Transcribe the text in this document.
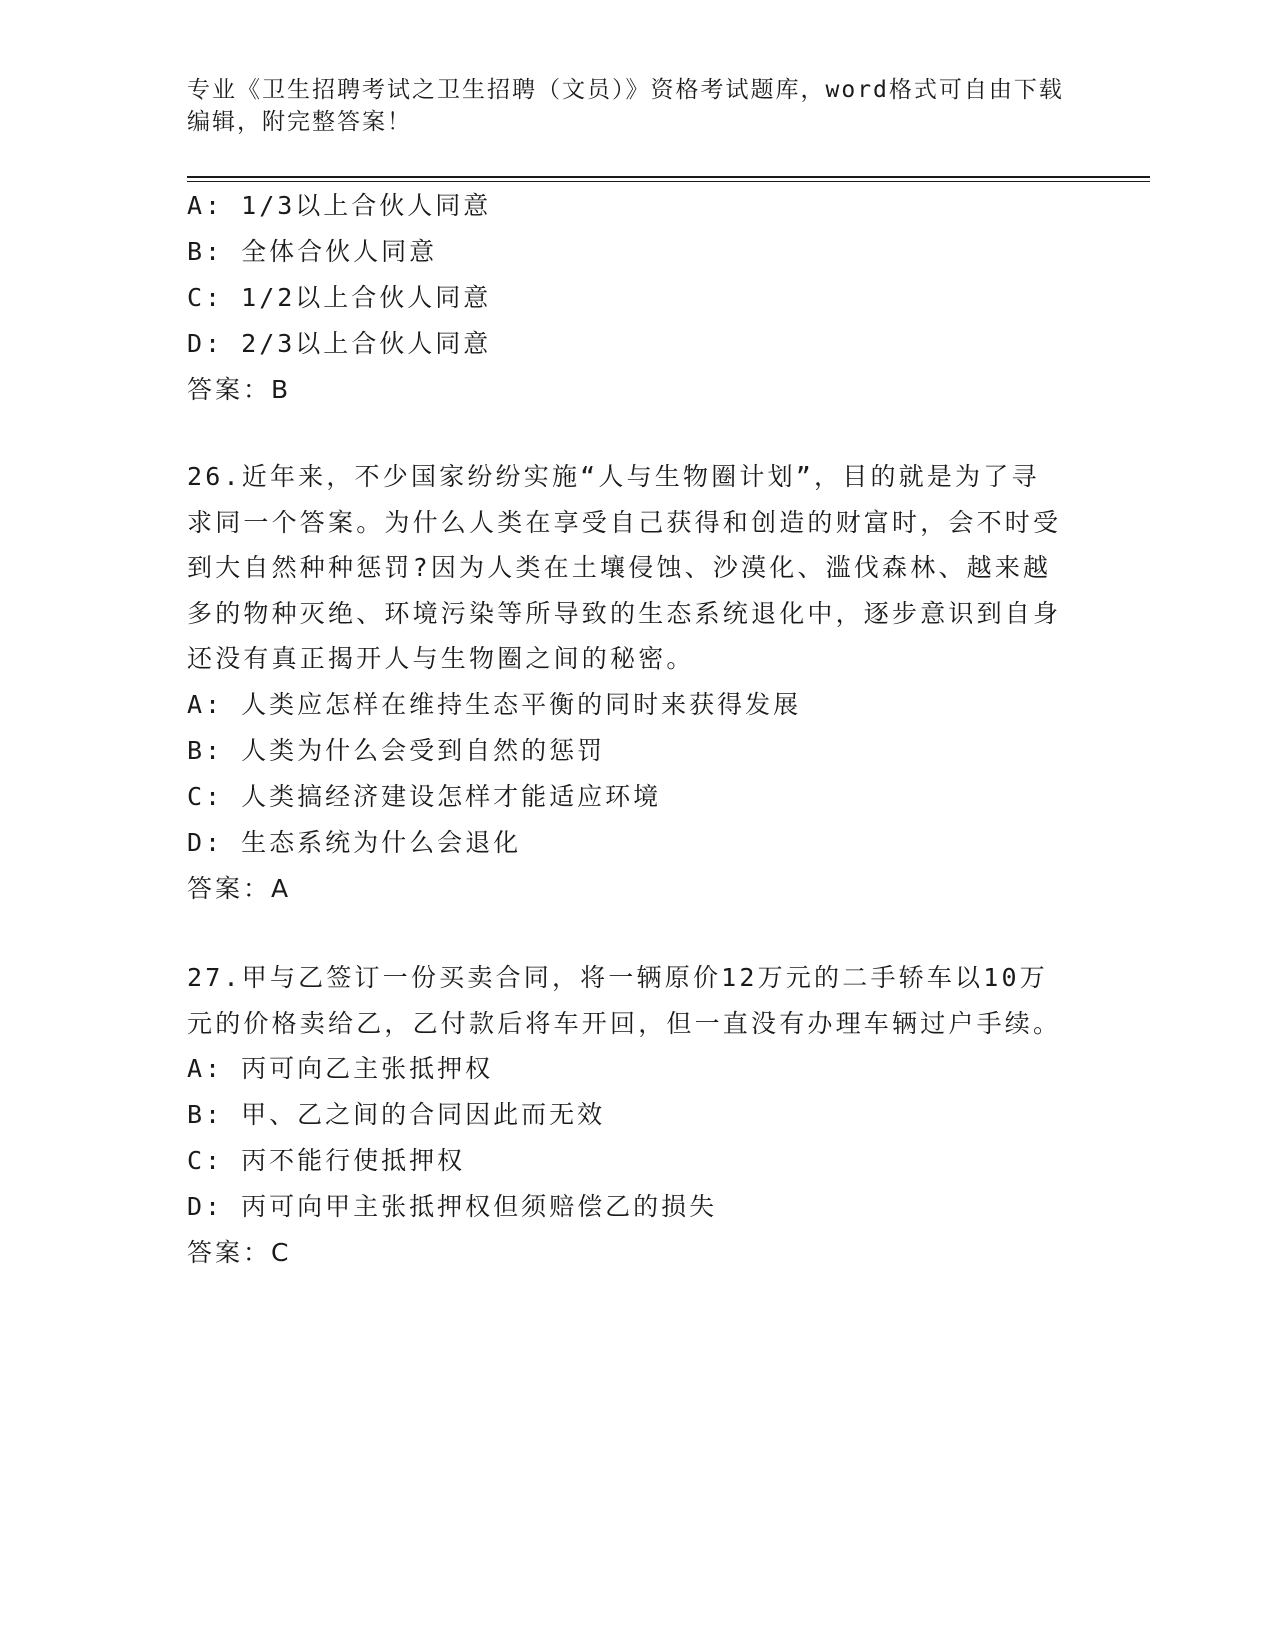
专业《卫生招聘考试之卫生招聘（文员）》资格考试题库，word格式可自由下载编辑，附完整答案！
A: 1/3以上合伙人同意
B: 全体合伙人同意
C: 1/2以上合伙人同意
D: 2/3以上合伙人同意
答案：B
26.近年来，不少国家纷纷实施“人与生物圈计划”，目的就是为了寻求同一个答案。为什么人类在享受自己获得和创造的财富时，会不时受到大自然种种惩罚?因为人类在土壤侵蚀、沙漠化、滥伐森林、越来越多的物种灭绝、环境污染等所导致的生态系统退化中，逐步意识到自身还没有真正揭开人与生物圈之间的秘密。
A: 人类应怎样在维持生态平衡的同时来获得发展
B: 人类为什么会受到自然的惩罚
C: 人类搞经济建设怎样才能适应环境
D: 生态系统为什么会退化
答案：A
27.甲与乙签订一份买卖合同，将一辆原价12万元的二手轿车以10万元的价格卖给乙，乙付款后将车开回，但一直没有办理车辆过户手续。
A: 丙可向乙主张抵押权
B: 甲、乙之间的合同因此而无效
C: 丙不能行使抵押权
D: 丙可向甲主张抵押权但须赔偿乙的损失
答案：C
